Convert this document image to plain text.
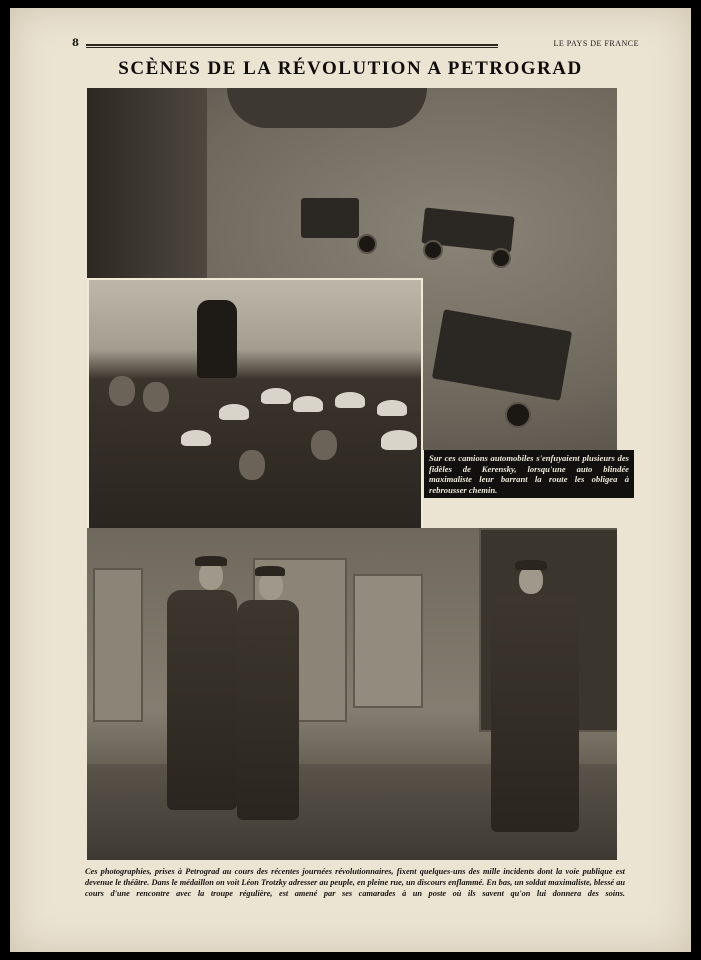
8	LE PAYS DE FRANCE
SCÈNES DE LA RÉVOLUTION A PETROGRAD
Sur ces camions automobiles s'enfuyaient plusieurs des fidèles de Kerensky, lorsqu'une auto blindée maximaliste leur barrant la route les obligea à rebrousser chemin.
Ces photographies, prises à Petrograd au cours des récentes journées révolutionnaires, fixent quelques-uns des mille incidents dont la voie publique est devenue le théâtre. Dans le médaillon on voit Léon Trotzky adresser au peuple, en pleine rue, un discours enflammé. En bas, un soldat maximaliste, blessé au cours d'une rencontre avec la troupe régulière, est amené par ses camarades à un poste où ils savent qu'on lui donnera des soins.
